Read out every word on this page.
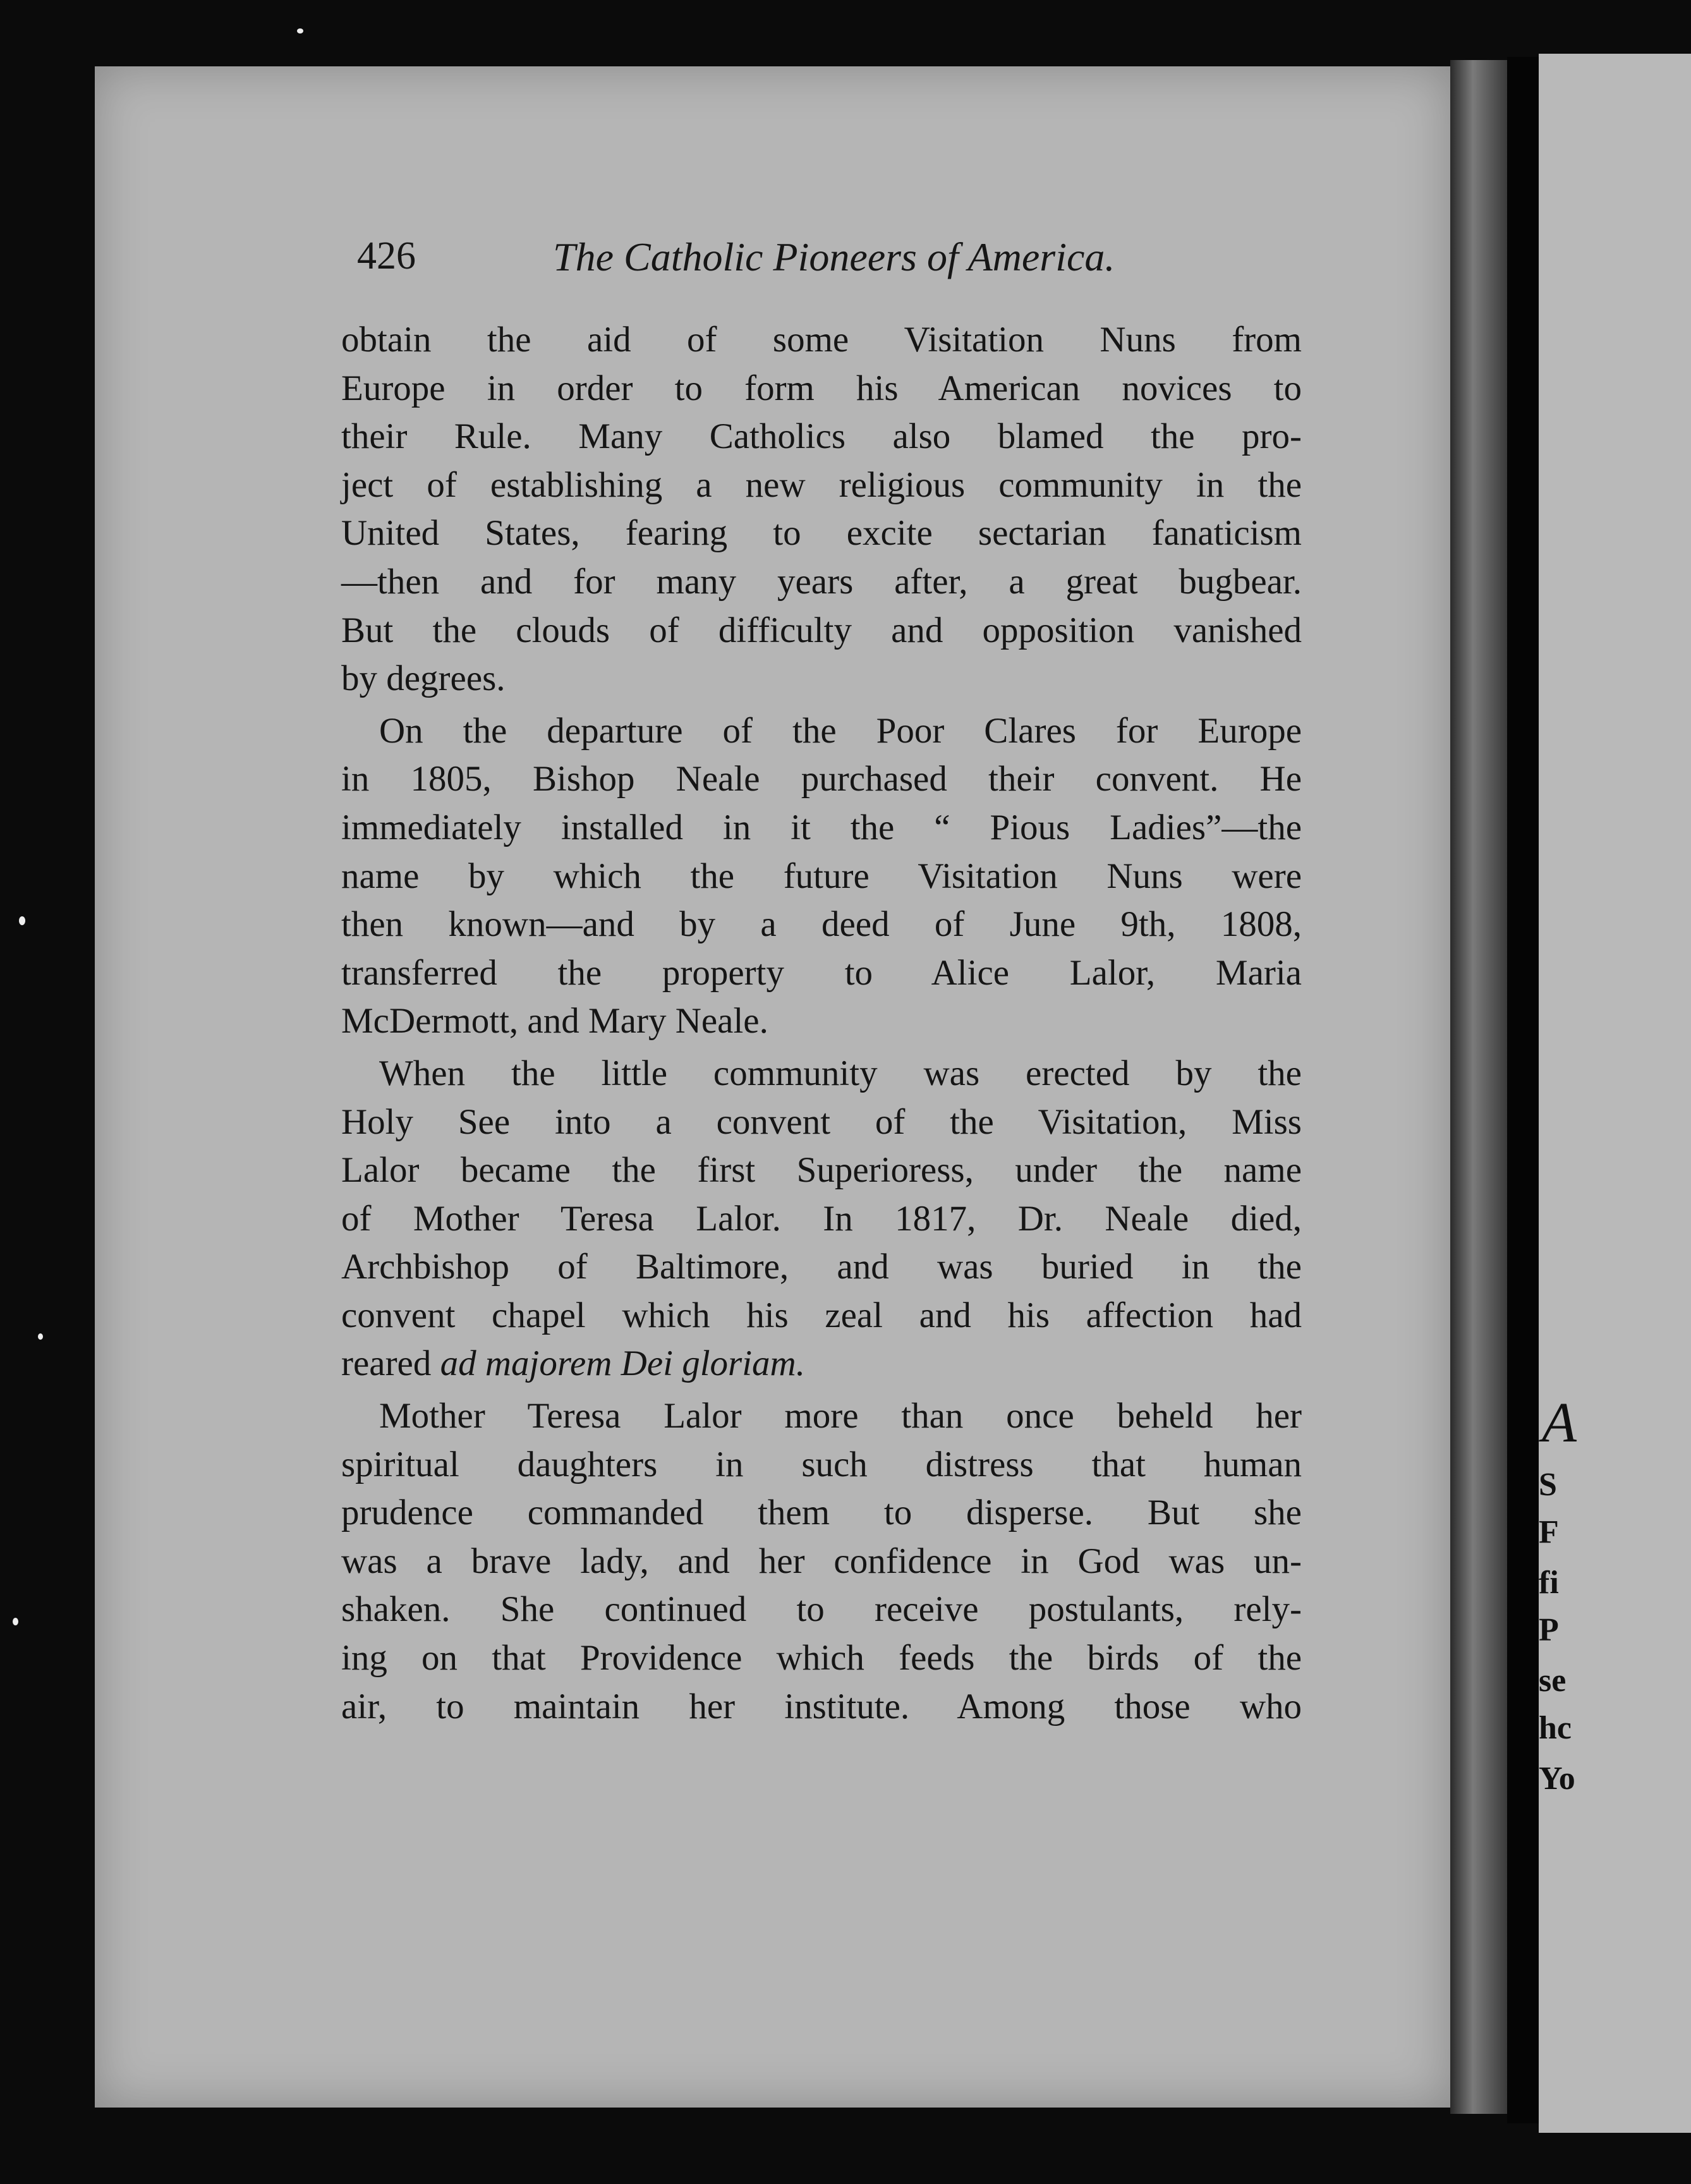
A
S
F
fi
P
se
hc
Yo
426	The Catholic Pioneers of America.
obtain the aid of some Visitation Nuns from
Europe in order to form his American novices to
their Rule. Many Catholics also blamed the pro-
ject of establishing a new religious community in the
United States, fearing to excite sectarian fanaticism
—then and for many years after, a great bugbear.
But the clouds of difficulty and opposition vanished
by degrees.
On the departure of the Poor Clares for Europe
in 1805, Bishop Neale purchased their convent. He
immediately installed in it the “ Pious Ladies”—the
name by which the future Visitation Nuns were
then known—and by a deed of June 9th, 1808,
transferred the property to Alice Lalor, Maria
McDermott, and Mary Neale.
When the little community was erected by the
Holy See into a convent of the Visitation, Miss
Lalor became the first Superioress, under the name
of Mother Teresa Lalor. In 1817, Dr. Neale died,
Archbishop of Baltimore, and was buried in the
convent chapel which his zeal and his affection had
reared ad majorem Dei gloriam.
Mother Teresa Lalor more than once beheld her
spiritual daughters in such distress that human
prudence commanded them to disperse. But she
was a brave lady, and her confidence in God was un-
shaken. She continued to receive postulants, rely-
ing on that Providence which feeds the birds of the
air, to maintain her institute. Among those who
